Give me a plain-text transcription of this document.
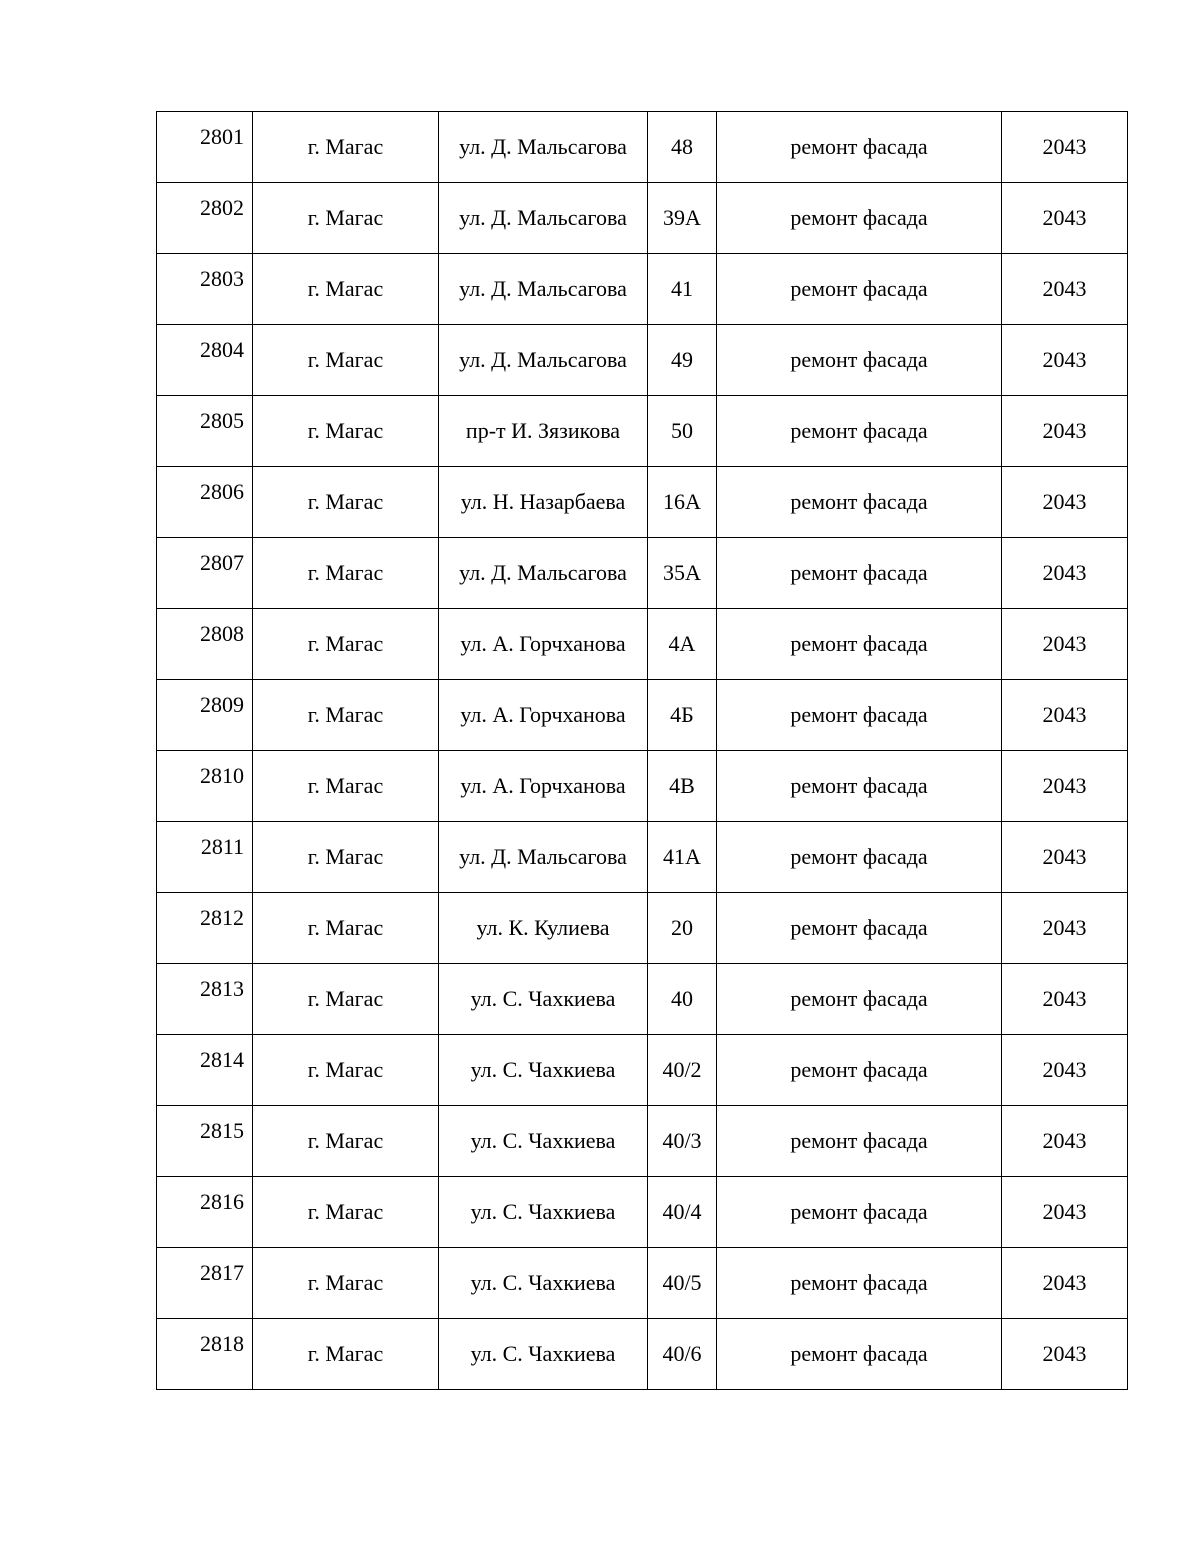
2801	г. Магас	ул. Д. Мальсагова	48	ремонт фасада	2043
2802	г. Магас	ул. Д. Мальсагова	39А	ремонт фасада	2043
2803	г. Магас	ул. Д. Мальсагова	41	ремонт фасада	2043
2804	г. Магас	ул. Д. Мальсагова	49	ремонт фасада	2043
2805	г. Магас	пр-т И. Зязикова	50	ремонт фасада	2043
2806	г. Магас	ул. Н. Назарбаева	16А	ремонт фасада	2043
2807	г. Магас	ул. Д. Мальсагова	35А	ремонт фасада	2043
2808	г. Магас	ул. А. Горчханова	4А	ремонт фасада	2043
2809	г. Магас	ул. А. Горчханова	4Б	ремонт фасада	2043
2810	г. Магас	ул. А. Горчханова	4В	ремонт фасада	2043
2811	г. Магас	ул. Д. Мальсагова	41А	ремонт фасада	2043
2812	г. Магас	ул. К. Кулиева	20	ремонт фасада	2043
2813	г. Магас	ул. С. Чахкиева	40	ремонт фасада	2043
2814	г. Магас	ул. С. Чахкиева	40/2	ремонт фасада	2043
2815	г. Магас	ул. С. Чахкиева	40/3	ремонт фасада	2043
2816	г. Магас	ул. С. Чахкиева	40/4	ремонт фасада	2043
2817	г. Магас	ул. С. Чахкиева	40/5	ремонт фасада	2043
2818	г. Магас	ул. С. Чахкиева	40/6	ремонт фасада	2043
